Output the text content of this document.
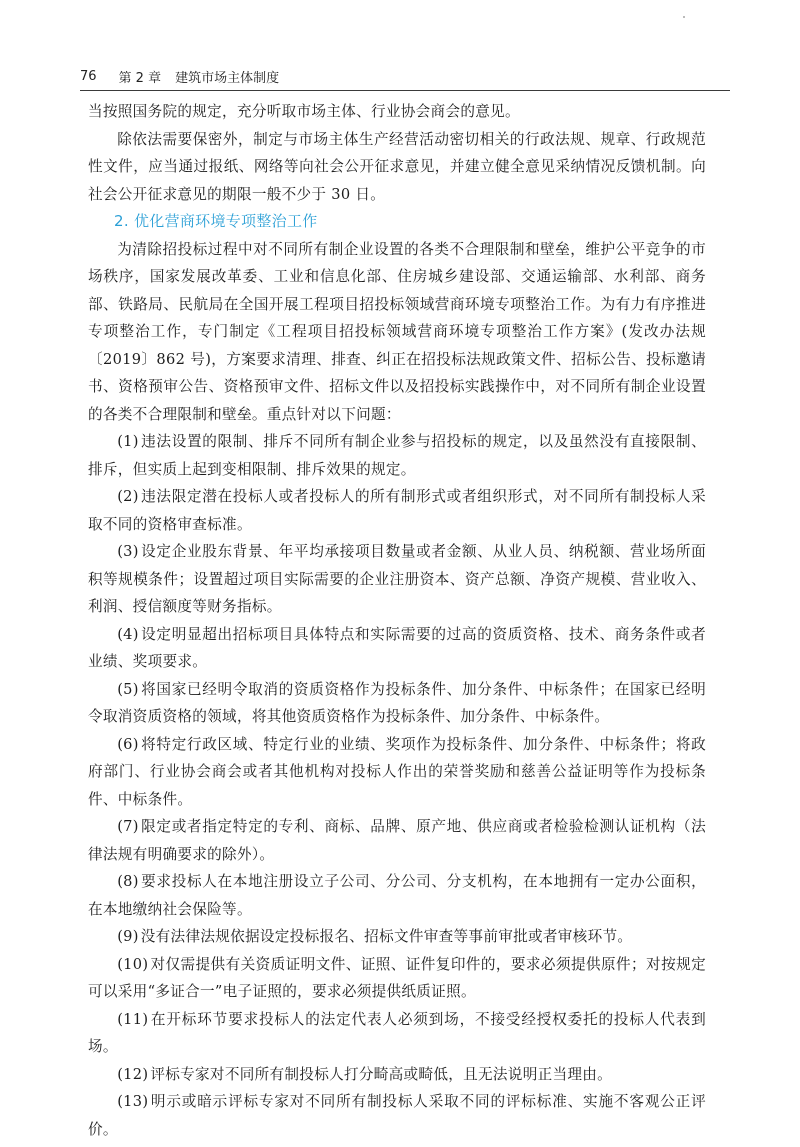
76 第 2 章 建筑市场主体制度

当按照国务院的规定，充分听取市场主体、行业协会商会的意见。

除依法需要保密外，制定与市场主体生产经营活动密切相关的行政法规、规章、行政规范性文件，应当通过报纸、网络等向社会公开征求意见，并建立健全意见采纳情况反馈机制。向社会公开征求意见的期限一般不少于 30 日。

2. 优化营商环境专项整治工作

为清除招投标过程中对不同所有制企业设置的各类不合理限制和壁垒，维护公平竞争的市场秩序，国家发展改革委、工业和信息化部、住房城乡建设部、交通运输部、水利部、商务部、铁路局、民航局在全国开展工程项目招投标领域营商环境专项整治工作。为有力有序推进专项整治工作，专门制定《工程项目招投标领域营商环境专项整治工作方案》(发改办法规〔2019〕862 号)，方案要求清理、排查、纠正在招投标法规政策文件、招标公告、投标邀请书、资格预审公告、资格预审文件、招标文件以及招投标实践操作中，对不同所有制企业设置的各类不合理限制和壁垒。重点针对以下问题：

(1) 违法设置的限制、排斥不同所有制企业参与招投标的规定，以及虽然没有直接限制、排斥，但实质上起到变相限制、排斥效果的规定。

(2) 违法限定潜在投标人或者投标人的所有制形式或者组织形式，对不同所有制投标人采取不同的资格审查标准。

(3) 设定企业股东背景、年平均承接项目数量或者金额、从业人员、纳税额、营业场所面积等规模条件；设置超过项目实际需要的企业注册资本、资产总额、净资产规模、营业收入、利润、授信额度等财务指标。

(4) 设定明显超出招标项目具体特点和实际需要的过高的资质资格、技术、商务条件或者业绩、奖项要求。

(5) 将国家已经明令取消的资质资格作为投标条件、加分条件、中标条件；在国家已经明令取消资质资格的领域，将其他资质资格作为投标条件、加分条件、中标条件。

(6) 将特定行政区域、特定行业的业绩、奖项作为投标条件、加分条件、中标条件；将政府部门、行业协会商会或者其他机构对投标人作出的荣誉奖励和慈善公益证明等作为投标条件、中标条件。

(7) 限定或者指定特定的专利、商标、品牌、原产地、供应商或者检验检测认证机构（法律法规有明确要求的除外）。

(8) 要求投标人在本地注册设立子公司、分公司、分支机构，在本地拥有一定办公面积，在本地缴纳社会保险等。

(9) 没有法律法规依据设定投标报名、招标文件审查等事前审批或者审核环节。

(10) 对仅需提供有关资质证明文件、证照、证件复印件的，要求必须提供原件；对按规定可以采用“多证合一”电子证照的，要求必须提供纸质证照。

(11) 在开标环节要求投标人的法定代表人必须到场，不接受经授权委托的投标人代表到场。

(12) 评标专家对不同所有制投标人打分畸高或畸低，且无法说明正当理由。

(13) 明示或暗示评标专家对不同所有制投标人采取不同的评标标准、实施不客观公正评价。
